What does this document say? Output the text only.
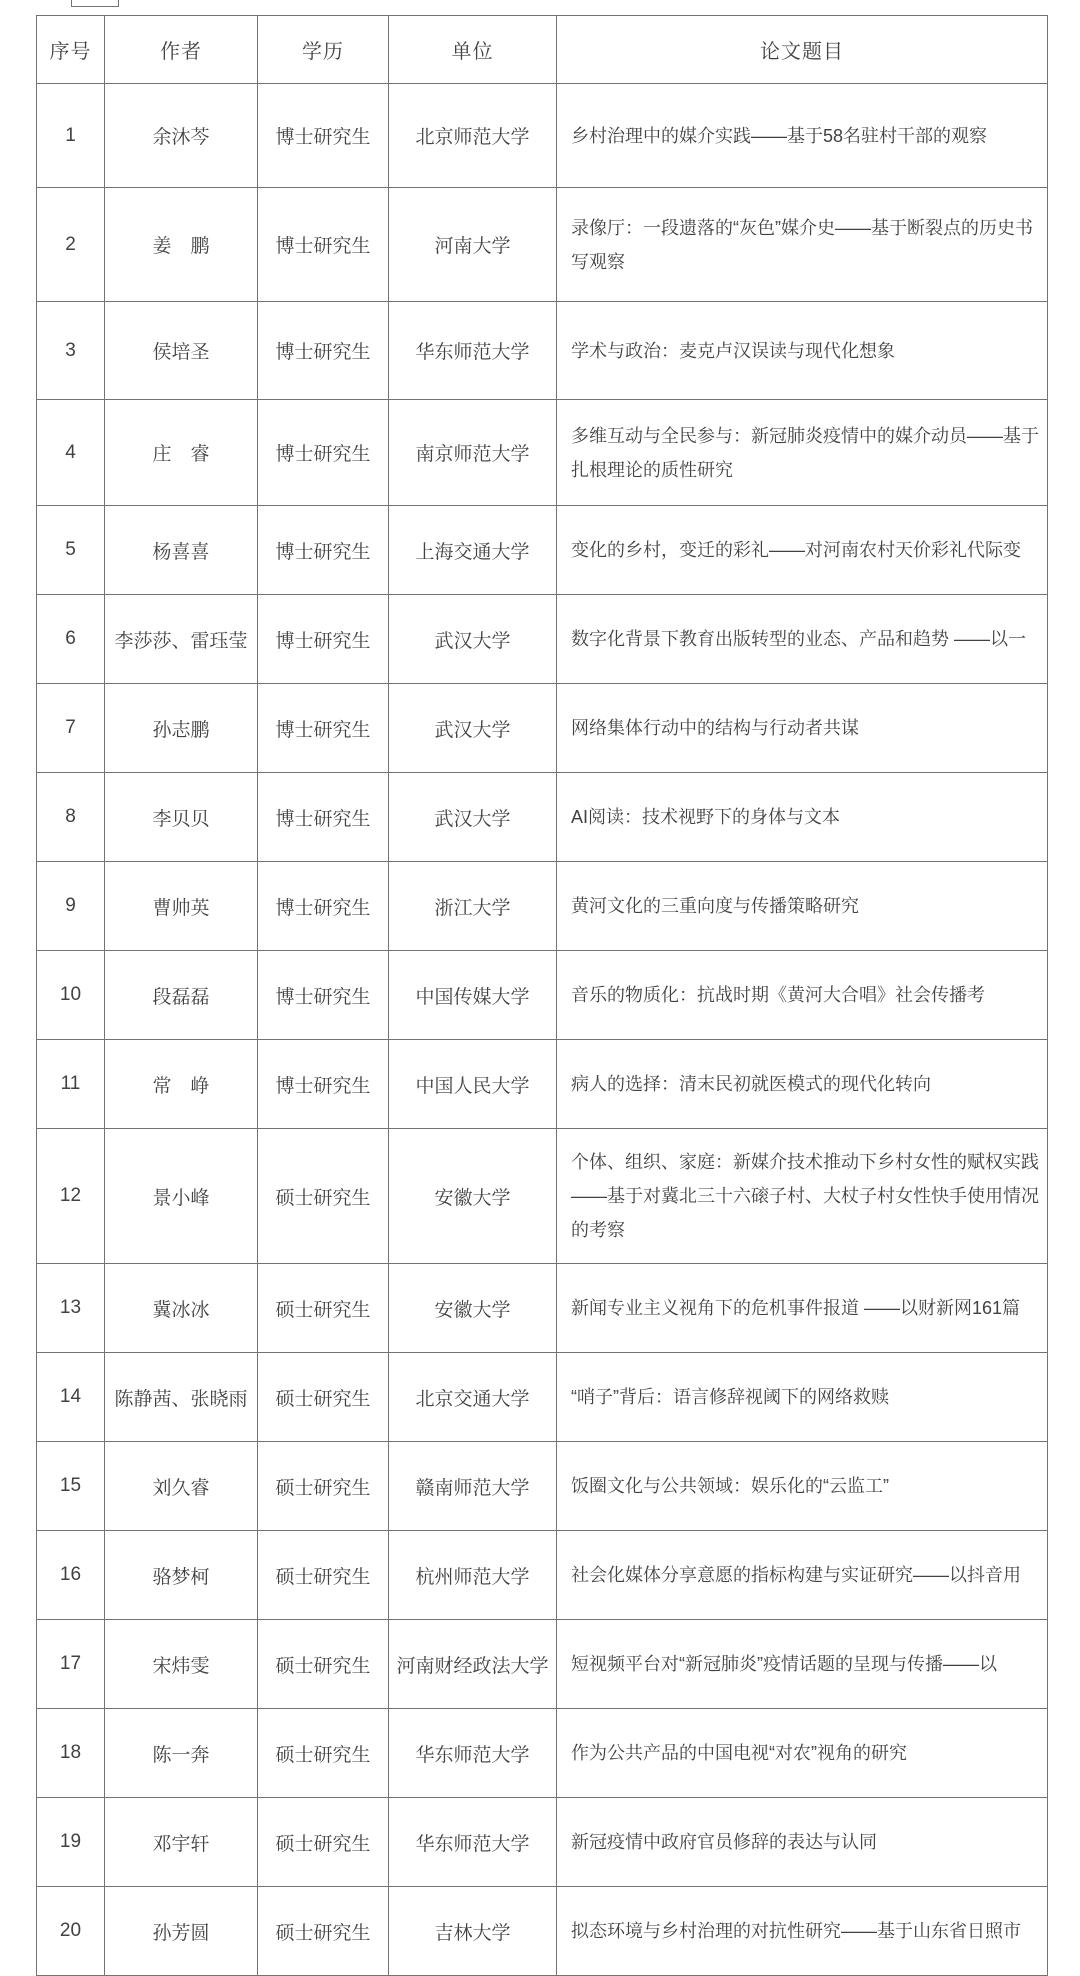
序号	作者	学历	单位	论文题目
1	余沐芩	博士研究生	北京师范大学	乡村治理中的媒介实践——基于58名驻村干部的观察
2	姜　鹏	博士研究生	河南大学	录像厅：一段遗落的“灰色”媒介史——基于断裂点的历史书写观察
3	侯培圣	博士研究生	华东师范大学	学术与政治：麦克卢汉误读与现代化想象
4	庄　睿	博士研究生	南京师范大学	多维互动与全民参与：新冠肺炎疫情中的媒介动员——基于扎根理论的质性研究
5	杨喜喜	博士研究生	上海交通大学	变化的乡村，变迁的彩礼——对河南农村天价彩礼代际变
6	李莎莎、雷珏莹	博士研究生	武汉大学	数字化背景下教育出版转型的业态、产品和趋势 ——以一
7	孙志鹏	博士研究生	武汉大学	网络集体行动中的结构与行动者共谋
8	李贝贝	博士研究生	武汉大学	AI阅读：技术视野下的身体与文本
9	曹帅英	博士研究生	浙江大学	黄河文化的三重向度与传播策略研究
10	段磊磊	博士研究生	中国传媒大学	音乐的物质化：抗战时期《黄河大合唱》社会传播考
11	常　峥	博士研究生	中国人民大学	病人的选择：清末民初就医模式的现代化转向
12	景小峰	硕士研究生	安徽大学	个体、组织、家庭：新媒介技术推动下乡村女性的赋权实践——基于对冀北三十六磙子村、大杖子村女性快手使用情况的考察
13	冀冰冰	硕士研究生	安徽大学	新闻专业主义视角下的危机事件报道 ——以财新网161篇
14	陈静茜、张晓雨	硕士研究生	北京交通大学	“哨子”背后：语言修辞视阈下的网络救赎
15	刘久睿	硕士研究生	赣南师范大学	饭圈文化与公共领域：娱乐化的“云监工”
16	骆梦柯	硕士研究生	杭州师范大学	社会化媒体分享意愿的指标构建与实证研究——以抖音用
17	宋炜雯	硕士研究生	河南财经政法大学	短视频平台对“新冠肺炎”疫情话题的呈现与传播——以
18	陈一奔	硕士研究生	华东师范大学	作为公共产品的中国电视“对农”视角的研究
19	邓宇轩	硕士研究生	华东师范大学	新冠疫情中政府官员修辞的表达与认同
20	孙芳圆	硕士研究生	吉林大学	拟态环境与乡村治理的对抗性研究——基于山东省日照市
